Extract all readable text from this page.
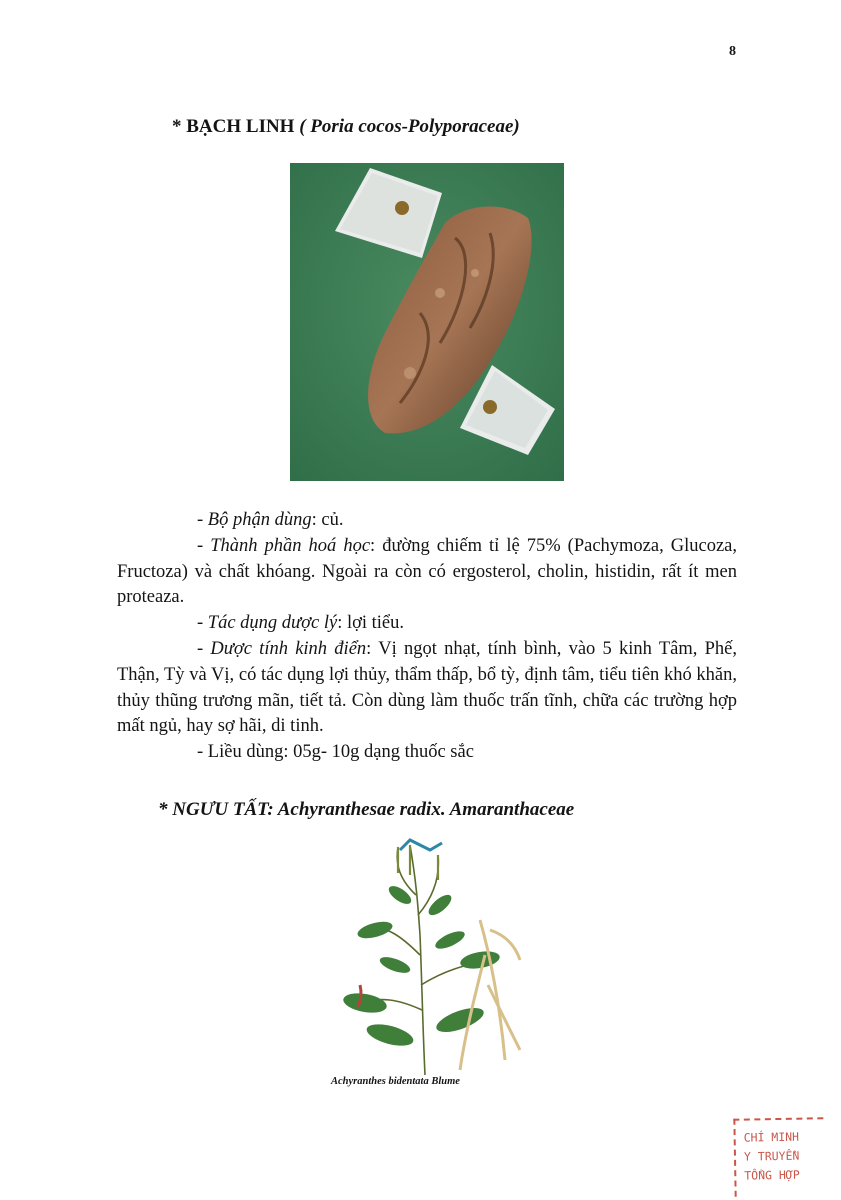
8
* BẠCH LINH ( Poria cocos-Polyporaceae)

- Bộ phận dùng: củ.

- Thành phần hoá học: đường chiếm tỉ lệ 75% (Pachymoza, Glucoza, Fructoza) và chất khóang. Ngoài ra còn có ergosterol, cholin, histidin, rất ít men proteaza.

- Tác dụng dược lý: lợi tiểu.

- Dược tính kinh điển: Vị ngọt nhạt, tính bình, vào 5 kinh Tâm, Phế, Thận, Tỳ và Vị, có tác dụng lợi thủy, thẩm thấp, bổ tỳ, định tâm, tiểu tiên khó khăn, thủy thũng trương mãn, tiết tả. Còn dùng làm thuốc trấn tĩnh, chữa các trường hợp mất ngủ, hay sợ hãi, di tinh.

- Liều dùng: 05g- 10g dạng thuốc sắc

* NGƯU TẤT: Achyranthesae radix. Amaranthaceae
Achyranthes bidentata Blume
CHÍ MINH
Y TRUYỀN
TỔNG HỢP
